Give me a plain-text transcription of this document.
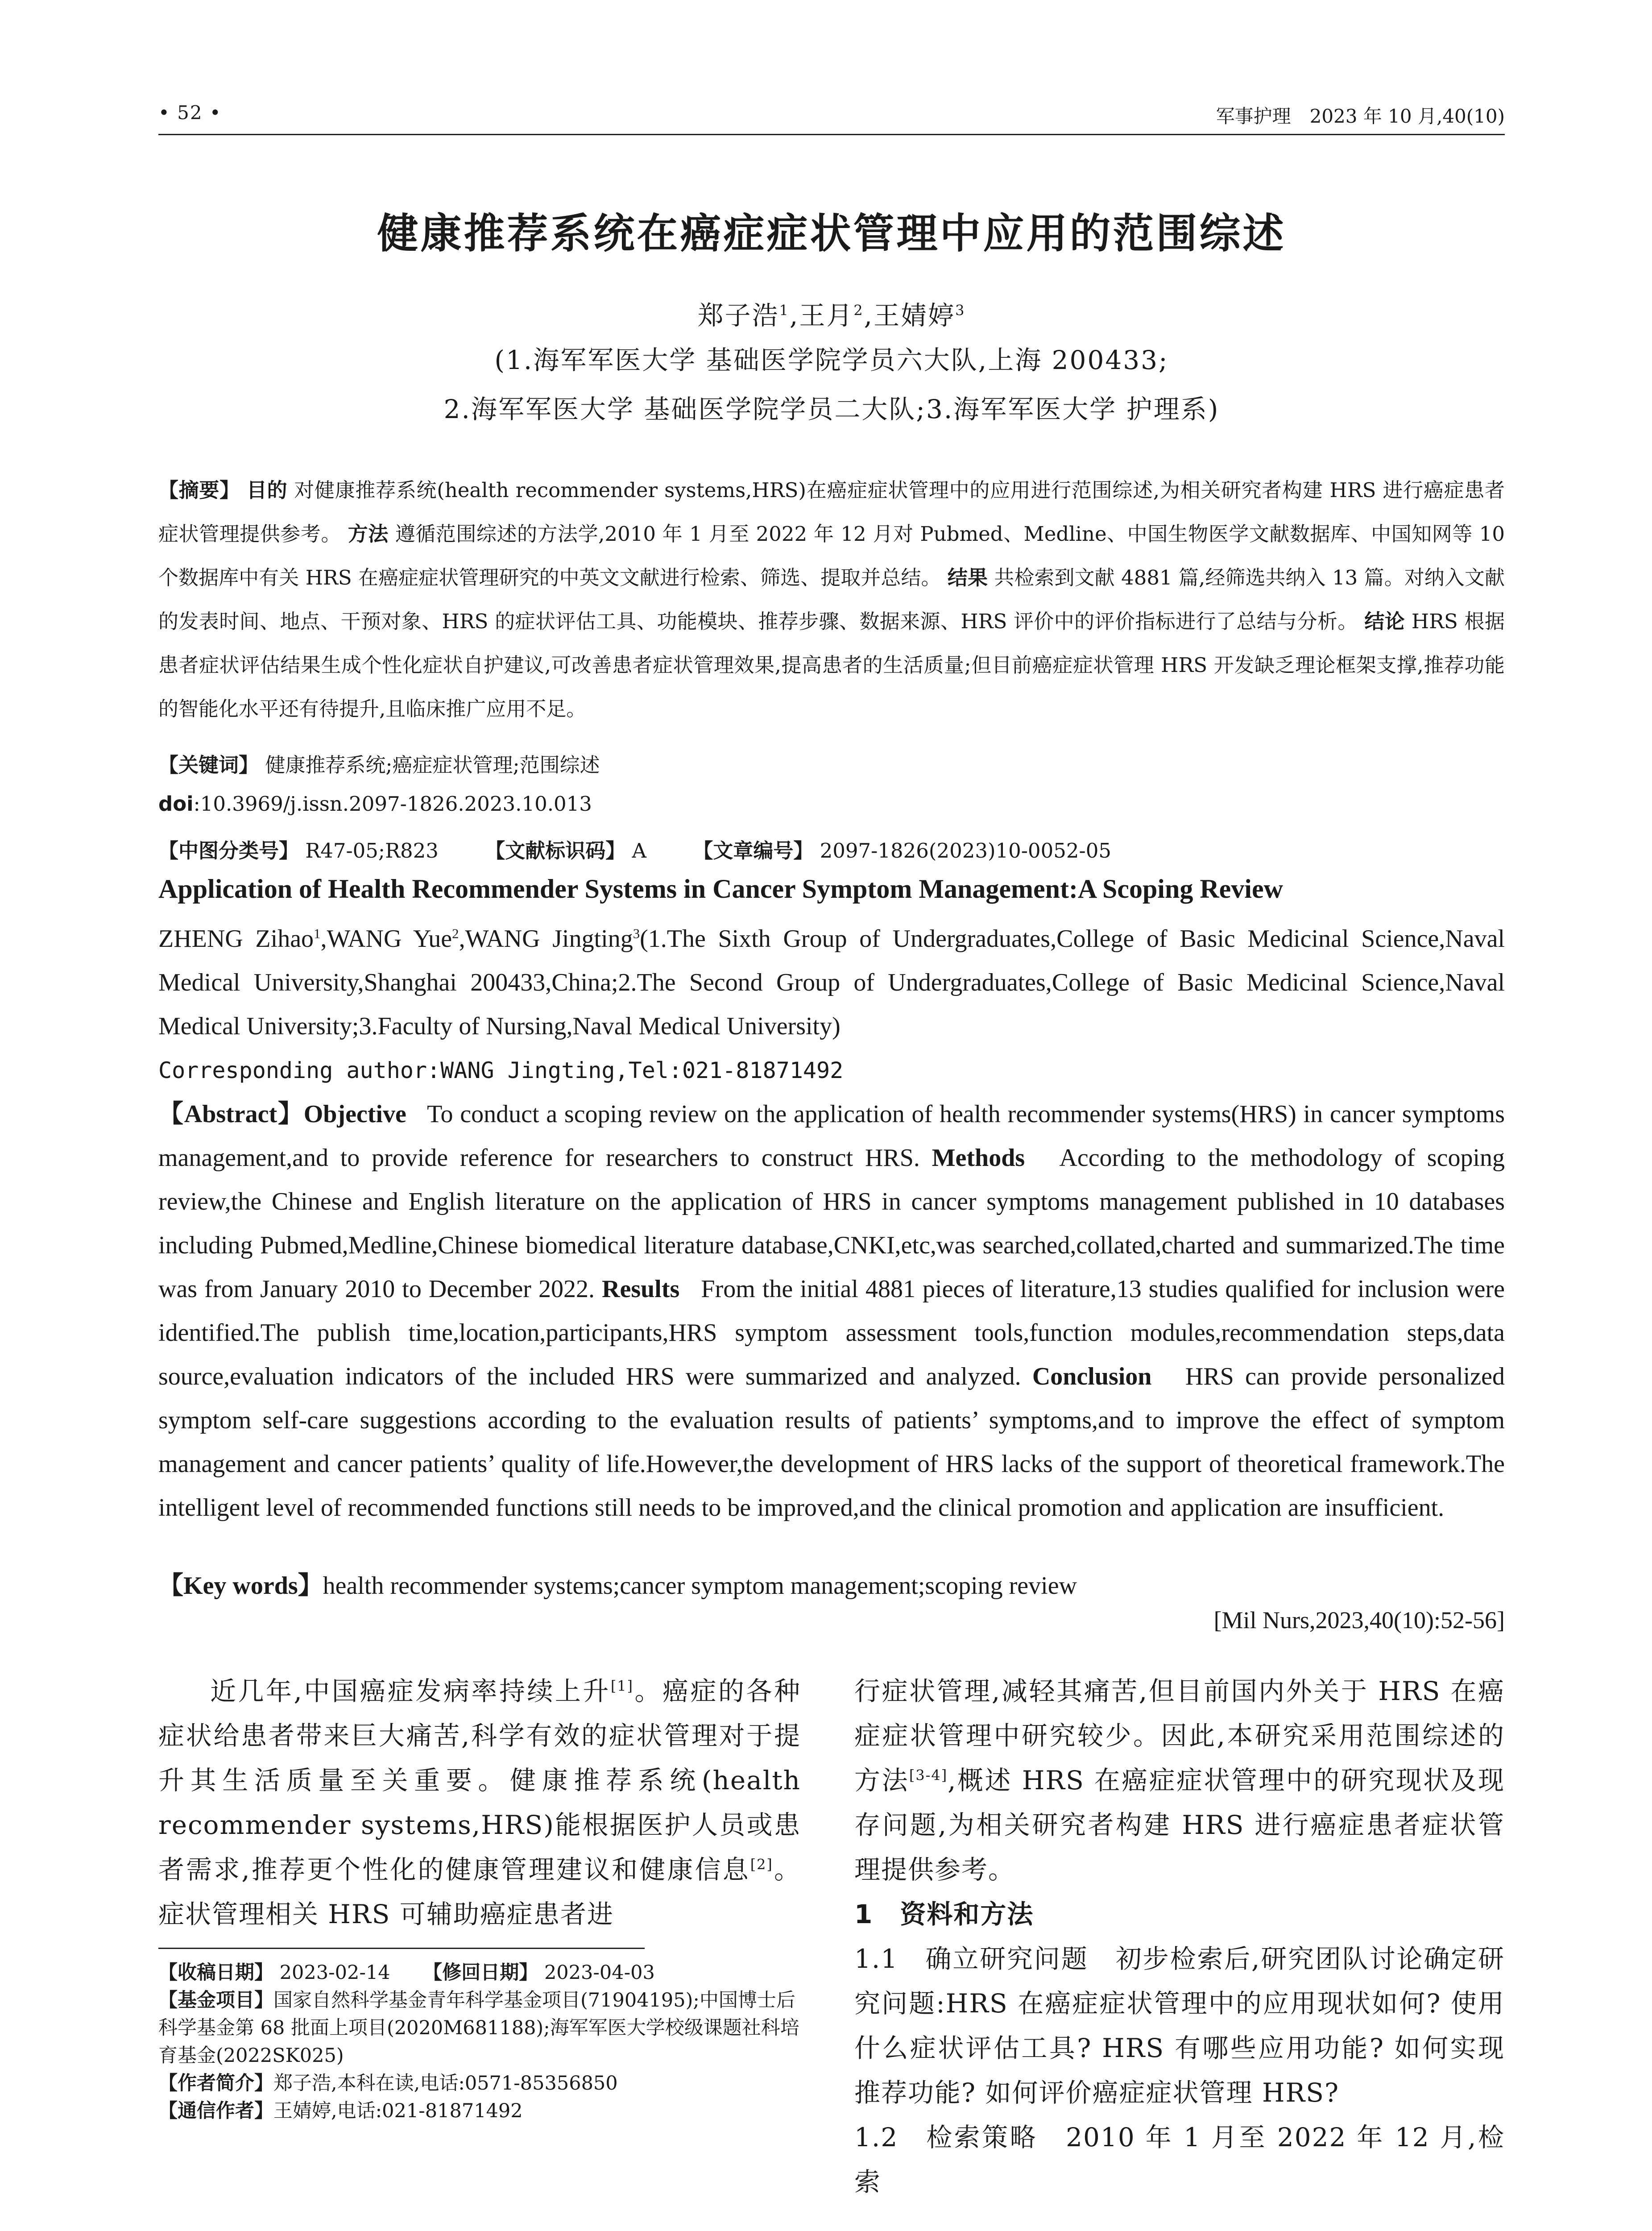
• 52 •	军事护理　2023 年 10 月,40(10)
健康推荐系统在癌症症状管理中应用的范围综述
郑子浩$^1$,王月$^2$,王婧婷$^3$
(1.海军军医大学 基础医学院学员六大队,上海 200433;
2.海军军医大学 基础医学院学员二大队;3.海军军医大学 护理系)
【摘要】 目的 对健康推荐系统(health recommender systems,HRS)在癌症症状管理中的应用进行范围综述,为相关研究者构建 HRS 进行癌症患者症状管理提供参考。 方法 遵循范围综述的方法学,2010 年 1 月至 2022 年 12 月对 Pubmed、Medline、中国生物医学文献数据库、中国知网等 10 个数据库中有关 HRS 在癌症症状管理研究的中英文文献进行检索、筛选、提取并总结。 结果 共检索到文献 4881 篇,经筛选共纳入 13 篇。对纳入文献的发表时间、地点、干预对象、HRS 的症状评估工具、功能模块、推荐步骤、数据来源、HRS 评价中的评价指标进行了总结与分析。 结论 HRS 根据患者症状评估结果生成个性化症状自护建议,可改善患者症状管理效果,提高患者的生活质量;但目前癌症症状管理 HRS 开发缺乏理论框架支撑,推荐功能的智能化水平还有待提升,且临床推广应用不足。
【关键词】 健康推荐系统;癌症症状管理;范围综述
doi:10.3969/j.issn.2097-1826.2023.10.013
【中图分类号】 R47-05;R823 【文献标识码】 A 【文章编号】 2097-1826(2023)10-0052-05
Application of Health Recommender Systems in Cancer Symptom Management:A Scoping Review
ZHENG Zihao$^1$,WANG Yue$^2$,WANG Jingting$^3$(1.The Sixth Group of Undergraduates,College of Basic Medicinal Science,Naval Medical University,Shanghai 200433,China;2.The Second Group of Undergraduates,College of Basic Medicinal Science,Naval Medical University;3.Faculty of Nursing,Naval Medical University)
Corresponding author:WANG Jingting,Tel:021-81871492
【Abstract】Objective To conduct a scoping review on the application of health recommender systems(HRS) in cancer symptoms management,and to provide reference for researchers to construct HRS. Methods According to the methodology of scoping review,the Chinese and English literature on the application of HRS in cancer symptoms management published in 10 databases including Pubmed,Medline,Chinese biomedical literature database,CNKI,etc,was searched,collated,charted and summarized.The time was from January 2010 to December 2022. Results From the initial 4881 pieces of literature,13 studies qualified for inclusion were identified.The publish time,location,participants,HRS symptom assessment tools,function modules,recommendation steps,data source,evaluation indicators of the included HRS were summarized and analyzed. Conclusion HRS can provide personalized symptom self-care suggestions according to the evaluation results of patients’ symptoms,and to improve the effect of symptom management and cancer patients’ quality of life.However,the development of HRS lacks of the support of theoretical framework.The intelligent level of recommended functions still needs to be improved,and the clinical promotion and application are insufficient.
【Key words】health recommender systems;cancer symptom management;scoping review
[Mil Nurs,2023,40(10):52-56]
近几年,中国癌症发病率持续上升[1]。癌症的各种症状给患者带来巨大痛苦,科学有效的症状管理对于提升其生活质量至关重要。健康推荐系统(health recommender systems,HRS)能根据医护人员或患者需求,推荐更个性化的健康管理建议和健康信息[2]。症状管理相关 HRS 可辅助癌症患者进
行症状管理,减轻其痛苦,但目前国内外关于 HRS 在癌症症状管理中研究较少。因此,本研究采用范围综述的方法[3-4],概述 HRS 在癌症症状管理中的研究现状及现存问题,为相关研究者构建 HRS 进行癌症患者症状管理提供参考。
1　资料和方法
1.1 确立研究问题 初步检索后,研究团队讨论确定研究问题:HRS 在癌症症状管理中的应用现状如何? 使用什么症状评估工具? HRS 有哪些应用功能? 如何实现推荐功能? 如何评价癌症症状管理 HRS?
1.2 检索策略 2010 年 1 月至 2022 年 12 月,检索
【收稿日期】 2023-02-14 【修回日期】 2023-04-03
【基金项目】国家自然科学基金青年科学基金项目(71904195);中国博士后科学基金第 68 批面上项目(2020M681188);海军军医大学校级课题社科培育基金(2022SK025)
【作者简介】郑子浩,本科在读,电话:0571-85356850
【通信作者】王婧婷,电话:021-81871492
